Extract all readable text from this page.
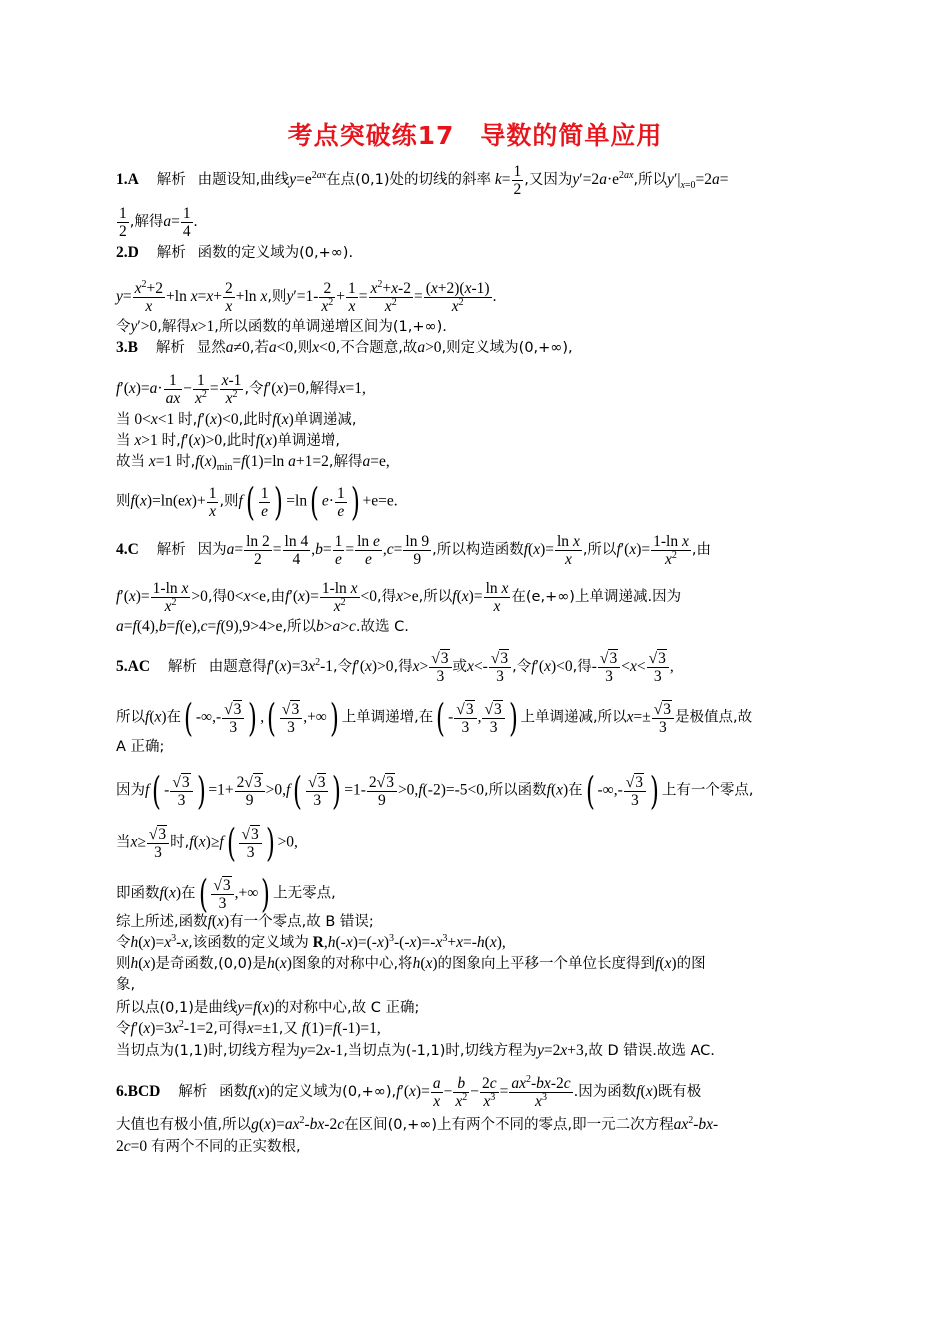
考点突破练17　导数的简单应用
1.A 解析 由题设知,曲线$y=e^{2ax}$在点(0,1)处的切线的斜率 $k= \frac{1}{2}$ ,又因为$y'=2a\cdot e^{2ax}$,所以$y'|_{x=0}=2a=$
$\frac{1}{2}$ ,解得$a= \frac{1}{4}$ .
2.D 解析 函数的定义域为(0,+∞).
$y= \frac{x^2+2}{x} +\ln$ $x=x+ \frac{2}{x} +\ln$ x,则$y'=1- \frac{2}{x^2} + \frac{1}{x} = \frac{x^2+x-2}{x^2} = \frac{(x+2)(x-1)}{x^2}$ .
令y′>0,解得x>1,所以函数的单调递增区间为(1,+∞).
3.B 解析 显然a≠0,若a<0,则x<0,不合题意,故a>0,则定义域为(0,+∞),
$f'(x)=a\cdot \frac{1}{ax} - \frac{1}{x^2} = \frac{x-1}{x^2}$ ,令f′(x)=0,解得x=1,
当 0<x<1 时,f′(x)<0,此时f(x)单调递减,
当 x>1 时,f′(x)>0,此时f(x)单调递增,
故当 x=1 时$,f(x)_{min}=f(1)=\ln$ a+1=2,解得a=e,
则$f(x)=\ln(ex)+ \frac{1}{x}$ ,则$f( \frac{1}{e}$ ) =ln( $e\cdot \frac{1}{e}$ ) +e=e.
4.C 解析 因为$a= \frac{\ln 2}{2} = \frac{\ln 4}{4} ,b= \frac{1}{e} = \frac{\text{ln e}}{e} ,c= \frac{\ln 9}{9}$ ,所以构造函数$f(x)= \frac{\text{ln x}}{x}$ ,所以$f'(x)= \frac{\text{1-ln x}}{x^2}$ ,由
$f'(x)= \frac{\text{1-ln x}}{x^2} >0$,得0<x<e,由$f'(x)= \frac{\text{1-ln x}}{x^2} <0$,得x>e,所以$f(x)= \frac{\text{ln x}}{x}$ 在(e,+∞)上单调递减.因为
a=f(4),b=f(e),c=f(9),9>4>e,所以b>a>c.故选 C.
5.AC 解析 由题意得$f'(x)=3x^2-1$,令f′(x)>0,得$x> \frac{√3}{3}$ 或$x<- \frac{√3}{3}$ ,令f′(x)<0,得- $\frac{√3}{3} <x< \frac{√3}{3}$ ,
所以f(x)在( -∞,- $\frac{√3}{3}$ ) ,( $\frac{√3}{3}$ ,+∞) 上单调递增,在( - $\frac{√3}{3}$ , $\frac{√3}{3}$ ) 上单调递减,所以$x=\pm \frac{√3}{3}$ 是极值点,故
A 正确;
因为$f( - \frac{√3}{3}$ ) $=1+ \frac{2√3}{9} >0,f( \frac{√3}{3}$ ) $=1- \frac{2√3}{9} >0,f(-2)=-5<0$,所以函数f(x)在( -∞,- $\frac{√3}{3}$ ) 上有一个零点,
当$x\ge \frac{√3}{3}$ 时$,f(x)\ge f( \frac{√3}{3}$ ) >0,
即函数f(x)在( $\frac{√3}{3}$ ,+∞) 上无零点,
综上所述,函数f(x)有一个零点,故 B 错误;
令$h(x)=x^3-x$,该函数的定义域为 $R,h(-x)=(-x)^3-(-x)=-x^3+x=-h(x)$,
则h(x)是奇函数,(0,0)是h(x)图象的对称中心,将h(x)的图象向上平移一个单位长度得到f(x)的图
象,
所以点(0,1)是曲线y=f(x)的对称中心,故 C 正确;
令$f'(x)=3x^2-1=2$,可得x=±1,又 f(1)=f(-1)=1,
当切点为(1,1)时,切线方程为y=2x-1,当切点为(-1,1)时,切线方程为y=2x+3,故 D 错误.故选 AC.
6.BCD 解析 函数f(x)的定义域为$(0,+\infty),f'(x)= \frac{a}{x} - \frac{b}{x^2} - \frac{2c}{x^3} = \frac{ax^2-bx-2c}{x^3}$ .因为函数f(x)既有极
大值也有极小值,所以$g(x)=ax^2-bx-2c$在区间(0,+∞)上有两个不同的零点,即一元二次方程$ax^2-bx-$
2c=0 有两个不同的正实数根,
